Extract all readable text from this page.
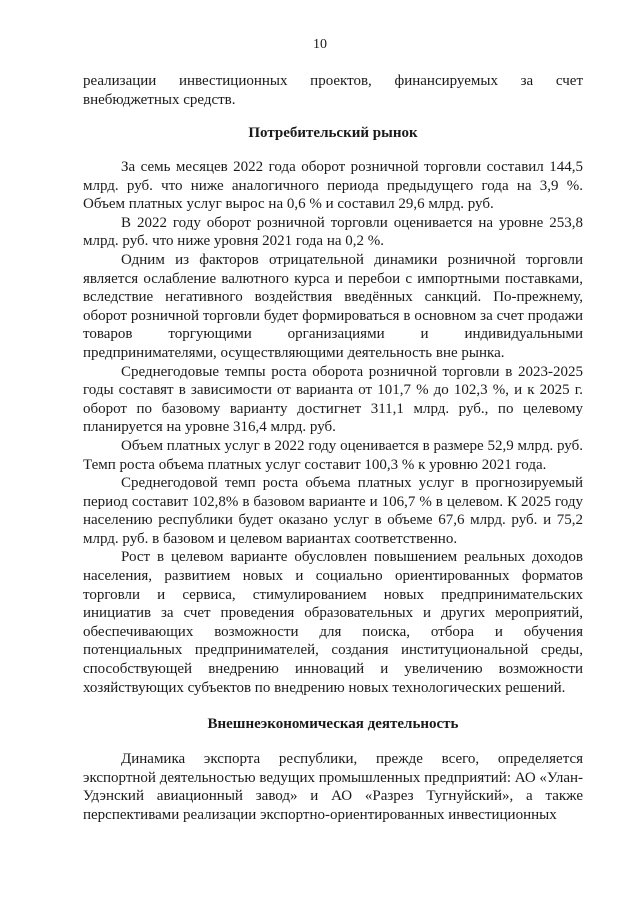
10

реализации инвестиционных проектов, финансируемых за счет внебюджетных средств.

Потребительский рынок

За семь месяцев 2022 года оборот розничной торговли составил 144,5 млрд. руб. что ниже аналогичного периода предыдущего года на 3,9 %. Объем платных услуг вырос на 0,6 % и составил 29,6 млрд. руб.

В 2022 году оборот розничной торговли оценивается на уровне 253,8 млрд. руб. что ниже уровня 2021 года на 0,2 %.

Одним из факторов отрицательной динамики розничной торговли является ослабление валютного курса и перебои с импортными поставками, вследствие негативного воздействия введённых санкций. По-прежнему, оборот розничной торговли будет формироваться в основном за счет продажи товаров торгующими организациями и индивидуальными предпринимателями, осуществляющими деятельность вне рынка.

Среднегодовые темпы роста оборота розничной торговли в 2023-2025 годы составят в зависимости от варианта от 101,7 % до 102,3 %, и к 2025 г. оборот по базовому варианту достигнет 311,1 млрд. руб., по целевому планируется на уровне 316,4 млрд. руб.

Объем платных услуг в 2022 году оценивается в размере 52,9 млрд. руб. Темп роста объема платных услуг составит 100,3 % к уровню 2021 года.

Среднегодовой темп роста объема платных услуг в прогнозируемый период составит 102,8% в базовом варианте и 106,7 % в целевом. К 2025 году населению республики будет оказано услуг в объеме 67,6 млрд. руб. и 75,2 млрд. руб. в базовом и целевом вариантах соответственно.

Рост в целевом варианте обусловлен повышением реальных доходов населения, развитием новых и социально ориентированных форматов торговли и сервиса, стимулированием новых предпринимательских инициатив за счет проведения образовательных и других мероприятий, обеспечивающих возможности для поиска, отбора и обучения потенциальных предпринимателей, создания институциональной среды, способствующей внедрению инноваций и увеличению возможности хозяйствующих субъектов по внедрению новых технологических решений.

Внешнеэкономическая деятельность

Динамика экспорта республики, прежде всего, определяется экспортной деятельностью ведущих промышленных предприятий: АО «Улан-Удэнский авиационный завод» и АО «Разрез Тугнуйский», а также перспективами реализации экспортно-ориентированных инвестиционных
